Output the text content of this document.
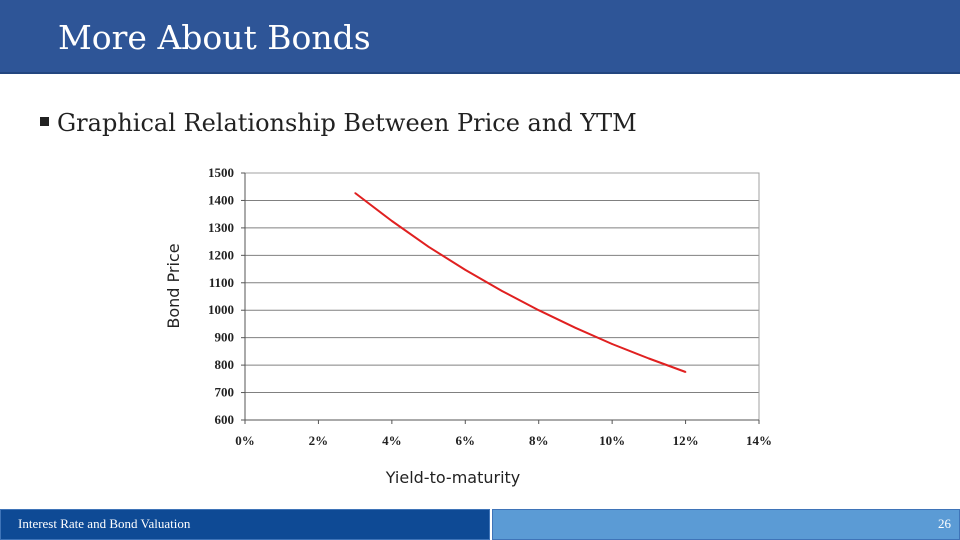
More About Bonds
Graphical Relationship Between Price and YTM
600
700
800
900
1000
1100
1200
1300
1400
1500
0%	2%	4%	6%	8%	10%	12%	14%
Bond Price
Yield-to-maturity
Interest Rate and Bond Valuation	26
